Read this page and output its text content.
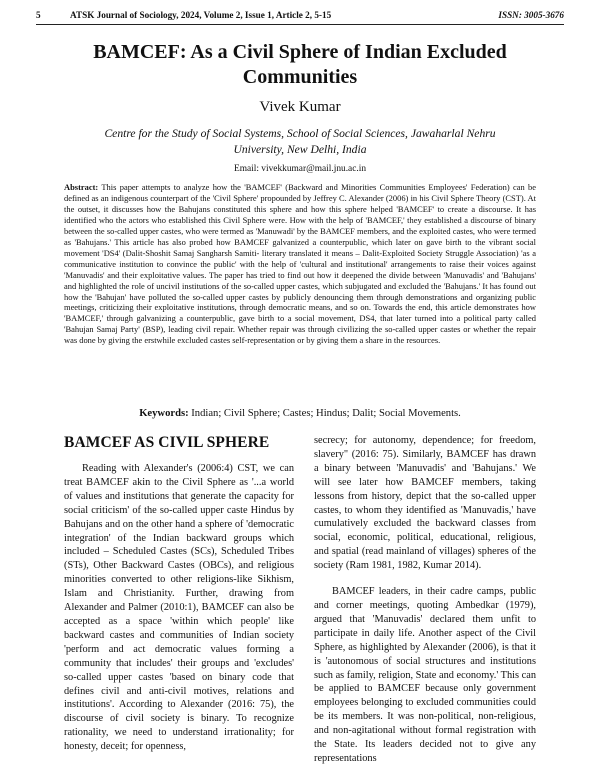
5	ATSK Journal of Sociology, 2024, Volume 2, Issue 1, Article 2, 5-15	ISSN: 3005-3676
BAMCEF: As a Civil Sphere of Indian Excluded Communities
Vivek Kumar
Centre for the Study of Social Systems, School of Social Sciences, Jawaharlal Nehru University, New Delhi, India
Email: vivekkumar@mail.jnu.ac.in
Abstract: This paper attempts to analyze how the 'BAMCEF' (Backward and Minorities Communities Employees' Federation) can be defined as an indigenous counterpart of the 'Civil Sphere' propounded by Jeffrey C. Alexander (2006) in his Civil Sphere Theory (CST). At the outset, it discusses how the Bahujans constituted this sphere and how this sphere helped 'BAMCEF' to create a discourse. It has identified who the actors who established this Civil Sphere were. How with the help of 'BAMCEF,' they established a discourse of binary between the so-called upper castes, who were termed as 'Manuwadi' by the BAMCEF members, and the exploited castes, who were termed as 'Bahujans.' This article has also probed how BAMCEF galvanized a counterpublic, which later on gave birth to the vibrant social movement 'DS4' (Dalit-Shoshit Samaj Sangharsh Samiti- literary translated it means – Dalit-Exploited Society Struggle Association) 'as a communicative institution to convince the public' with the help of 'cultural and institutional' arrangements to raise their voices against 'Manuvadis' and their exploitative values. The paper has tried to find out how it deepened the divide between 'Manuvadis' and 'Bahujans' and highlighted the role of uncivil institutions of the so-called upper castes, which subjugated and excluded the 'Bahujans.' It has found out how the 'Bahujan' have polluted the so-called upper castes by publicly denouncing them through demonstrations and organizing public meetings, criticizing their exploitative institutions, through democratic means, and so on. Towards the end, this article demonstrates how 'BAMCEF,' through galvanizing a counterpublic, gave birth to a social movement, DS4, that later turned into a political party called 'Bahujan Samaj Party' (BSP), leading civil repair. Whether repair was through civilizing the so-called upper castes or whether the repair was done by giving the erstwhile excluded castes self-representation or by giving them a share in the resources.
Keywords: Indian; Civil Sphere; Castes; Hindus; Dalit; Social Movements.
BAMCEF AS CIVIL SPHERE

Reading with Alexander's (2006:4) CST, we can treat BAMCEF akin to the Civil Sphere as '...a world of values and institutions that generate the capacity for social criticism' of the so-called upper caste Hindus by Bahujans and on the other hand a sphere of 'democratic integration' of the Indian backward groups which included – Scheduled Castes (SCs), Scheduled Tribes (STs), Other Backward Castes (OBCs), and religious minorities converted to other religions-like Sikhism, Islam and Christianity. Further, drawing from Alexander and Palmer (2010:1), BAMCEF can also be accepted as a space 'within which people' like backward castes and communities of Indian society 'perform and act democratic values forming a community that includes' their groups and 'excludes' so-called upper castes 'based on binary code that defines civil and anti-civil motives, relations and institutions'. According to Alexander (2016: 75), the discourse of civil society is binary. To recognize rationality, we need to understand irrationality; for honesty, deceit; for openness,

secrecy; for autonomy, dependence; for freedom, slavery" (2016: 75). Similarly, BAMCEF has drawn a binary between 'Manuvadis' and 'Bahujans.' We will see later how BAMCEF members, taking lessons from history, depict that the so-called upper castes, to whom they identified as 'Manuvadis,' have cumulatively excluded the backward classes from social, economic, political, educational, religious, and spatial (read mainland of villages) spheres of the society (Ram 1981, 1982, Kumar 2014).

BAMCEF leaders, in their cadre camps, public and corner meetings, quoting Ambedkar (1979), argued that 'Manuvadis' declared them unfit to participate in daily life. Another aspect of the Civil Sphere, as highlighted by Alexander (2006), is that it is 'autonomous of social structures and institutions such as family, religion, State and economy.' This can be applied to BAMCEF because only government employees belonging to excluded communities could be its members. It was non-political, non-religious, and non-agitational without formal registration with the State. Its leaders decided not to give any representations
